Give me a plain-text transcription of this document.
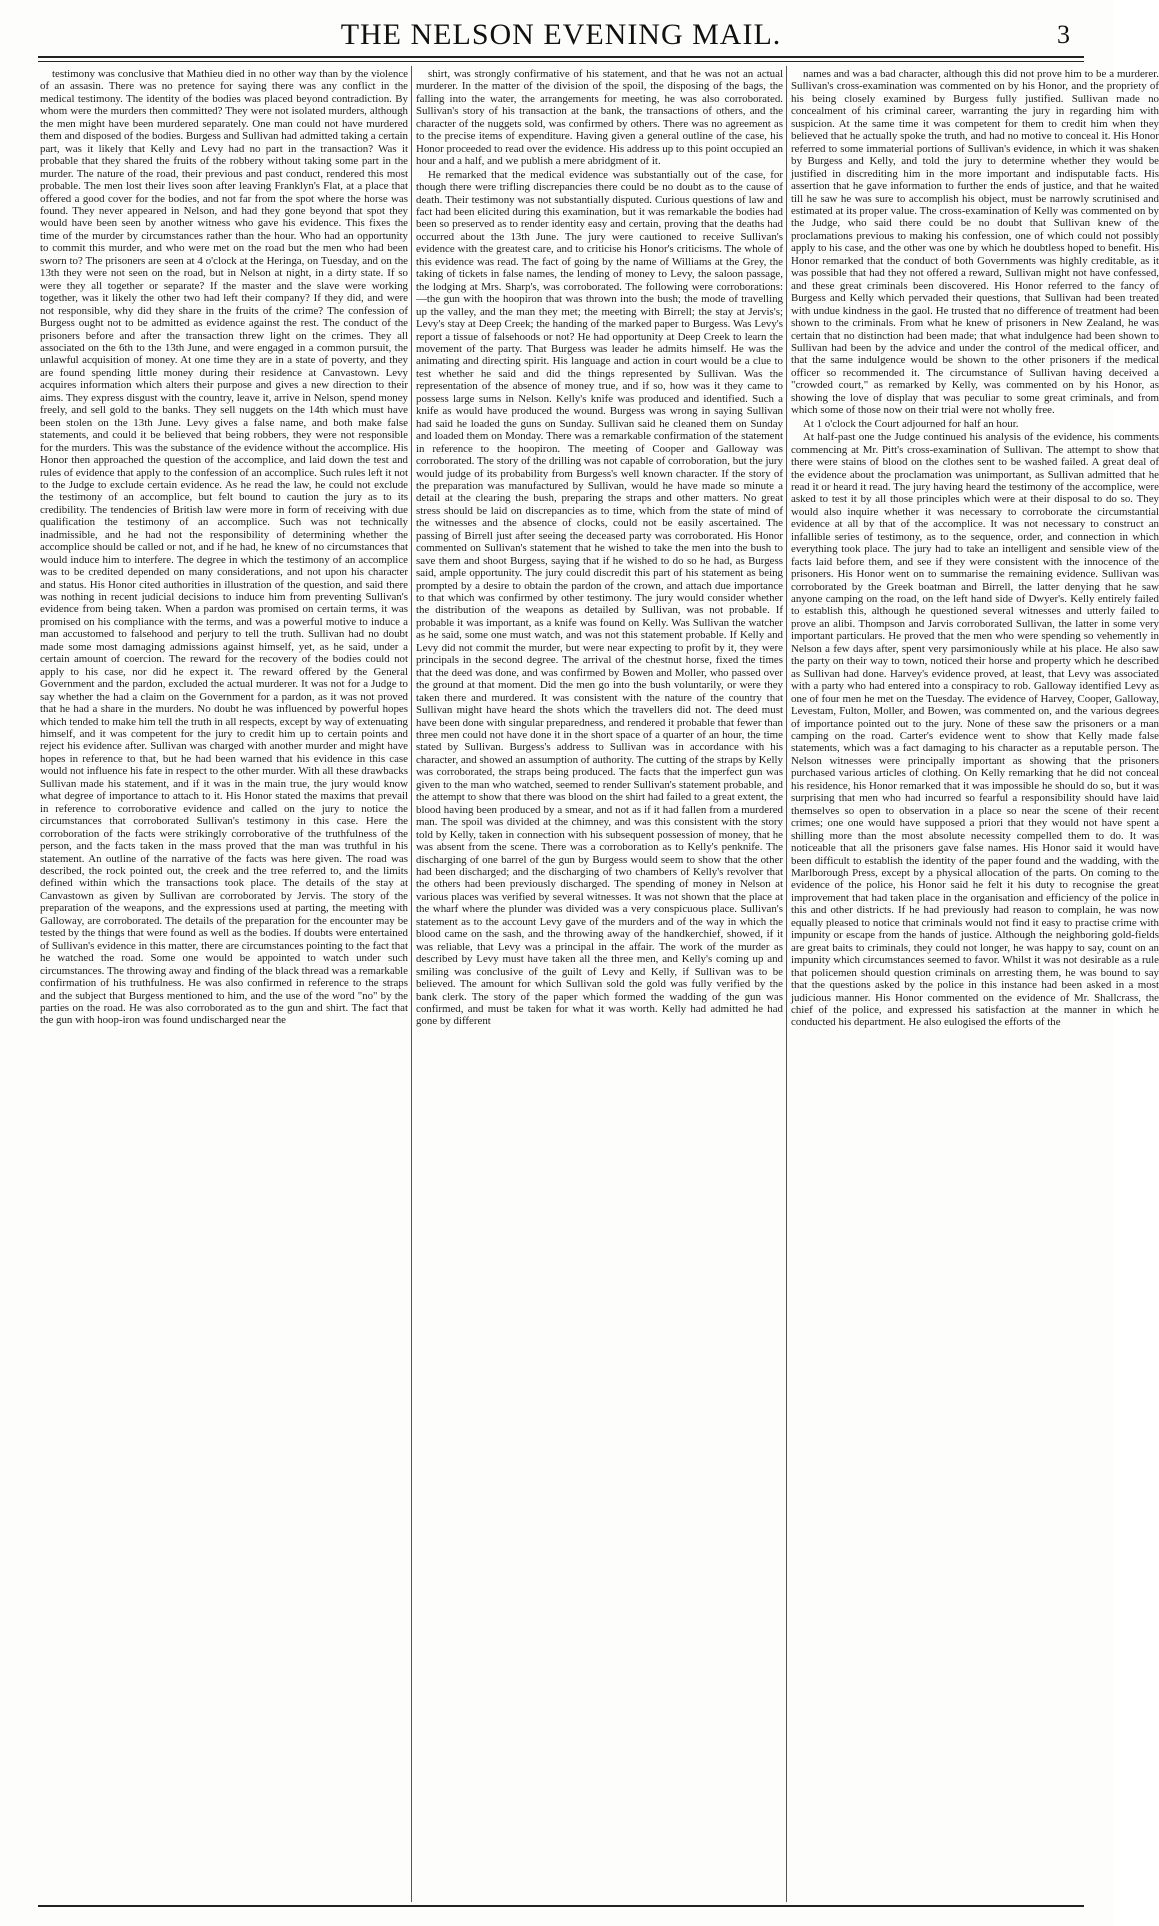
THE NELSON EVENING MAIL.	3

testimony was conclusive that Mathieu died in no other way than by the violence of an assasin. There was no pretence for saying there was any conflict in the medical testimony. The identity of the bodies was placed beyond contradiction. By whom were the murders then committed? They were not isolated murders, although the men might have been murdered separately. One man could not have murdered them and disposed of the bodies. Burgess and Sullivan had admitted taking a certain part, was it likely that Kelly and Levy had no part in the transaction? Was it probable that they shared the fruits of the robbery without taking some part in the murder. The nature of the road, their previous and past conduct, rendered this most probable. The men lost their lives soon after leaving Franklyn's Flat, at a place that offered a good cover for the bodies, and not far from the spot where the horse was found. They never appeared in Nelson, and had they gone beyond that spot they would have been seen by another witness who gave his evidence. This fixes the time of the murder by circumstances rather than the hour. Who had an opportunity to commit this murder, and who were met on the road but the men who had been sworn to? The prisoners are seen at 4 o'clock at the Heringa, on Tuesday, and on the 13th they were not seen on the road, but in Nelson at night, in a dirty state. If so were they all together or separate? If the master and the slave were working together, was it likely the other two had left their company? If they did, and were not responsible, why did they share in the fruits of the crime? The confession of Burgess ought not to be admitted as evidence against the rest. The conduct of the prisoners before and after the transaction threw light on the crimes. They all associated on the 6th to the 13th June, and were engaged in a common pursuit, the unlawful acquisition of money. At one time they are in a state of poverty, and they are found spending little money during their residence at Canvastown. Levy acquires information which alters their purpose and gives a new direction to their aims. They express disgust with the country, leave it, arrive in Nelson, spend money freely, and sell gold to the banks. They sell nuggets on the 14th which must have been stolen on the 13th June. Levy gives a false name, and both make false statements, and could it be believed that being robbers, they were not responsible for the murders. This was the substance of the evidence without the accomplice. His Honor then approached the question of the accomplice, and laid down the test and rules of evidence that apply to the confession of an accomplice. Such rules left it not to the Judge to exclude certain evidence. As he read the law, he could not exclude the testimony of an accomplice, but felt bound to caution the jury as to its credibility. The tendencies of British law were more in form of receiving with due qualification the testimony of an accomplice. Such was not technically inadmissible, and he had not the responsibility of determining whether the accomplice should be called or not, and if he had, he knew of no circumstances that would induce him to interfere. The degree in which the testimony of an accomplice was to be credited depended on many considerations, and not upon his character and status. His Honor cited authorities in illustration of the question, and said there was nothing in recent judicial decisions to induce him from preventing Sullivan's evidence from being taken. When a pardon was promised on certain terms, it was promised on his compliance with the terms, and was a powerful motive to induce a man accustomed to falsehood and perjury to tell the truth. Sullivan had no doubt made some most damaging admissions against himself, yet, as he said, under a certain amount of coercion. The reward for the recovery of the bodies could not apply to his case, nor did he expect it. The reward offered by the General Government and the pardon, excluded the actual murderer. It was not for a Judge to say whether the had a claim on the Government for a pardon, as it was not proved that he had a share in the murders. No doubt he was influenced by powerful hopes which tended to make him tell the truth in all respects, except by way of extenuating himself, and it was competent for the jury to credit him up to certain points and reject his evidence after. Sullivan was charged with another murder and might have hopes in reference to that, but he had been warned that his evidence in this case would not influence his fate in respect to the other murder. With all these drawbacks Sullivan made his statement, and if it was in the main true, the jury would know what degree of importance to attach to it. His Honor stated the maxims that prevail in reference to corroborative evidence and called on the jury to notice the circumstances that corroborated Sullivan's testimony in this case. Here the corroboration of the facts were strikingly corroborative of the truthfulness of the person, and the facts taken in the mass proved that the man was truthful in his statement. An outline of the narrative of the facts was here given. The road was described, the rock pointed out, the creek and the tree referred to, and the limits defined within which the transactions took place. The details of the stay at Canvastown as given by Sullivan are corroborated by Jervis. The story of the preparation of the weapons, and the expressions used at parting, the meeting with Galloway, are corroborated. The details of the preparation for the encounter may be tested by the things that were found as well as the bodies. If doubts were entertained of Sullivan's evidence in this matter, there are circumstances pointing to the fact that he watched the road. Some one would be appointed to watch under such circumstances. The throwing away and finding of the black thread was a remarkable confirmation of his truthfulness. He was also confirmed in reference to the straps and the subject that Burgess mentioned to him, and the use of the word "no" by the parties on the road. He was also corroborated as to the gun and shirt. The fact that the gun with hoop-iron was found undischarged near the

shirt, was strongly confirmative of his statement, and that he was not an actual murderer. In the matter of the division of the spoil, the disposing of the bags, the falling into the water, the arrangements for meeting, he was also corroborated. Sullivan's story of his transaction at the bank, the transactions of others, and the character of the nuggets sold, was confirmed by others. There was no agreement as to the precise items of expenditure. Having given a general outline of the case, his Honor proceeded to read over the evidence. His address up to this point occupied an hour and a half, and we publish a mere abridgment of it.

He remarked that the medical evidence was substantially out of the case, for though there were trifling discrepancies there could be no doubt as to the cause of death. Their testimony was not substantially disputed. Curious questions of law and fact had been elicited during this examination, but it was remarkable the bodies had been so preserved as to render identity easy and certain, proving that the deaths had occurred about the 13th June. The jury were cautioned to receive Sullivan's evidence with the greatest care, and to criticise his Honor's criticisms. The whole of this evidence was read. The fact of going by the name of Williams at the Grey, the taking of tickets in false names, the lending of money to Levy, the saloon passage, the lodging at Mrs. Sharp's, was corroborated. The following were corroborations:—the gun with the hoopiron that was thrown into the bush; the mode of travelling up the valley, and the man they met; the meeting with Birrell; the stay at Jervis's; Levy's stay at Deep Creek; the handing of the marked paper to Burgess. Was Levy's report a tissue of falsehoods or not? He had opportunity at Deep Creek to learn the movement of the party. That Burgess was leader he admits himself. He was the animating and directing spirit. His language and action in court would be a clue to test whether he said and did the things represented by Sullivan. Was the representation of the absence of money true, and if so, how was it they came to possess large sums in Nelson. Kelly's knife was produced and identified. Such a knife as would have produced the wound. Burgess was wrong in saying Sullivan had said he loaded the guns on Sunday. Sullivan said he cleaned them on Sunday and loaded them on Monday. There was a remarkable confirmation of the statement in reference to the hoopiron. The meeting of Cooper and Galloway was corroborated. The story of the drilling was not capable of corroboration, but the jury would judge of its probability from Burgess's well known character. If the story of the preparation was manufactured by Sullivan, would he have made so minute a detail at the clearing the bush, preparing the straps and other matters. No great stress should be laid on discrepancies as to time, which from the state of mind of the witnesses and the absence of clocks, could not be easily ascertained. The passing of Birrell just after seeing the deceased party was corroborated. His Honor commented on Sullivan's statement that he wished to take the men into the bush to save them and shoot Burgess, saying that if he wished to do so he had, as Burgess said, ample opportunity. The jury could discredit this part of his statement as being prompted by a desire to obtain the pardon of the crown, and attach due importance to that which was confirmed by other testimony. The jury would consider whether the distribution of the weapons as detailed by Sullivan, was not probable. If probable it was important, as a knife was found on Kelly. Was Sullivan the watcher as he said, some one must watch, and was not this statement probable. If Kelly and Levy did not commit the murder, but were near expecting to profit by it, they were principals in the second degree. The arrival of the chestnut horse, fixed the times that the deed was done, and was confirmed by Bowen and Moller, who passed over the ground at that moment. Did the men go into the bush voluntarily, or were they taken there and murdered. It was consistent with the nature of the country that Sullivan might have heard the shots which the travellers did not. The deed must have been done with singular preparedness, and rendered it probable that fewer than three men could not have done it in the short space of a quarter of an hour, the time stated by Sullivan. Burgess's address to Sullivan was in accordance with his character, and showed an assumption of authority. The cutting of the straps by Kelly was corroborated, the straps being produced. The facts that the imperfect gun was given to the man who watched, seemed to render Sullivan's statement probable, and the attempt to show that there was blood on the shirt had failed to a great extent, the blood having been produced by a smear, and not as if it had fallen from a murdered man. The spoil was divided at the chimney, and was this consistent with the story told by Kelly, taken in connection with his subsequent possession of money, that he was absent from the scene. There was a corroboration as to Kelly's penknife. The discharging of one barrel of the gun by Burgess would seem to show that the other had been discharged; and the discharging of two chambers of Kelly's revolver that the others had been previously discharged. The spending of money in Nelson at various places was verified by several witnesses. It was not shown that the place at the wharf where the plunder was divided was a very conspicuous place. Sullivan's statement as to the account Levy gave of the murders and of the way in which the blood came on the sash, and the throwing away of the handkerchief, showed, if it was reliable, that Levy was a principal in the affair. The work of the murder as described by Levy must have taken all the three men, and Kelly's coming up and smiling was conclusive of the guilt of Levy and Kelly, if Sullivan was to be believed. The amount for which Sullivan sold the gold was fully verified by the bank clerk. The story of the paper which formed the wadding of the gun was confirmed, and must be taken for what it was worth. Kelly had admitted he had gone by different

names and was a bad character, although this did not prove him to be a murderer. Sullivan's cross-examination was commented on by his Honor, and the propriety of his being closely examined by Burgess fully justified. Sullivan made no concealment of his criminal career, warranting the jury in regarding him with suspicion. At the same time it was competent for them to credit him when they believed that he actually spoke the truth, and had no motive to conceal it. His Honor referred to some immaterial portions of Sullivan's evidence, in which it was shaken by Burgess and Kelly, and told the jury to determine whether they would be justified in discrediting him in the more important and indisputable facts. His assertion that he gave information to further the ends of justice, and that he waited till he saw he was sure to accomplish his object, must be narrowly scrutinised and estimated at its proper value. The cross-examination of Kelly was commented on by the Judge, who said there could be no doubt that Sullivan knew of the proclamations previous to making his confession, one of which could not possibly apply to his case, and the other was one by which he doubtless hoped to benefit. His Honor remarked that the conduct of both Governments was highly creditable, as it was possible that had they not offered a reward, Sullivan might not have confessed, and these great criminals been discovered. His Honor referred to the fancy of Burgess and Kelly which pervaded their questions, that Sullivan had been treated with undue kindness in the gaol. He trusted that no difference of treatment had been shown to the criminals. From what he knew of prisoners in New Zealand, he was certain that no distinction had been made; that what indulgence had been shown to Sullivan had been by the advice and under the control of the medical officer, and that the same indulgence would be shown to the other prisoners if the medical officer so recommended it. The circumstance of Sullivan having deceived a "crowded court," as remarked by Kelly, was commented on by his Honor, as showing the love of display that was peculiar to some great criminals, and from which some of those now on their trial were not wholly free.

At 1 o'clock the Court adjourned for half an hour.

At half-past one the Judge continued his analysis of the evidence, his comments commencing at Mr. Pitt's cross-examination of Sullivan. The attempt to show that there were stains of blood on the clothes sent to be washed failed. A great deal of the evidence about the proclamation was unimportant, as Sullivan admitted that he read it or heard it read. The jury having heard the testimony of the accomplice, were asked to test it by all those principles which were at their disposal to do so. They would also inquire whether it was necessary to corroborate the circumstantial evidence at all by that of the accomplice. It was not necessary to construct an infallible series of testimony, as to the sequence, order, and connection in which everything took place. The jury had to take an intelligent and sensible view of the facts laid before them, and see if they were consistent with the innocence of the prisoners. His Honor went on to summarise the remaining evidence. Sullivan was corroborated by the Greek boatman and Birrell, the latter denying that he saw anyone camping on the road, on the left hand side of Dwyer's. Kelly entirely failed to establish this, although he questioned several witnesses and utterly failed to prove an alibi. Thompson and Jarvis corroborated Sullivan, the latter in some very important particulars. He proved that the men who were spending so vehemently in Nelson a few days after, spent very parsimoniously while at his place. He also saw the party on their way to town, noticed their horse and property which he described as Sullivan had done. Harvey's evidence proved, at least, that Levy was associated with a party who had entered into a conspiracy to rob. Galloway identified Levy as one of four men he met on the Tuesday. The evidence of Harvey, Cooper, Galloway, Levestam, Fulton, Moller, and Bowen, was commented on, and the various degrees of importance pointed out to the jury. None of these saw the prisoners or a man camping on the road. Carter's evidence went to show that Kelly made false statements, which was a fact damaging to his character as a reputable person. The Nelson witnesses were principally important as showing that the prisoners purchased various articles of clothing. On Kelly remarking that he did not conceal his residence, his Honor remarked that it was impossible he should do so, but it was surprising that men who had incurred so fearful a responsibility should have laid themselves so open to observation in a place so near the scene of their recent crimes; one one would have supposed a priori that they would not have spent a shilling more than the most absolute necessity compelled them to do. It was noticeable that all the prisoners gave false names. His Honor said it would have been difficult to establish the identity of the paper found and the wadding, with the Marlborough Press, except by a physical allocation of the parts. On coming to the evidence of the police, his Honor said he felt it his duty to recognise the great improvement that had taken place in the organisation and efficiency of the police in this and other districts. If he had previously had reason to complain, he was now equally pleased to notice that criminals would not find it easy to practise crime with impunity or escape from the hands of justice. Although the neighboring gold-fields are great baits to criminals, they could not longer, he was happy to say, count on an impunity which circumstances seemed to favor. Whilst it was not desirable as a rule that policemen should question criminals on arresting them, he was bound to say that the questions asked by the police in this instance had been asked in a most judicious manner. His Honor commented on the evidence of Mr. Shallcrass, the chief of the police, and expressed his satisfaction at the manner in which he conducted his department. He also eulogised the efforts of the
